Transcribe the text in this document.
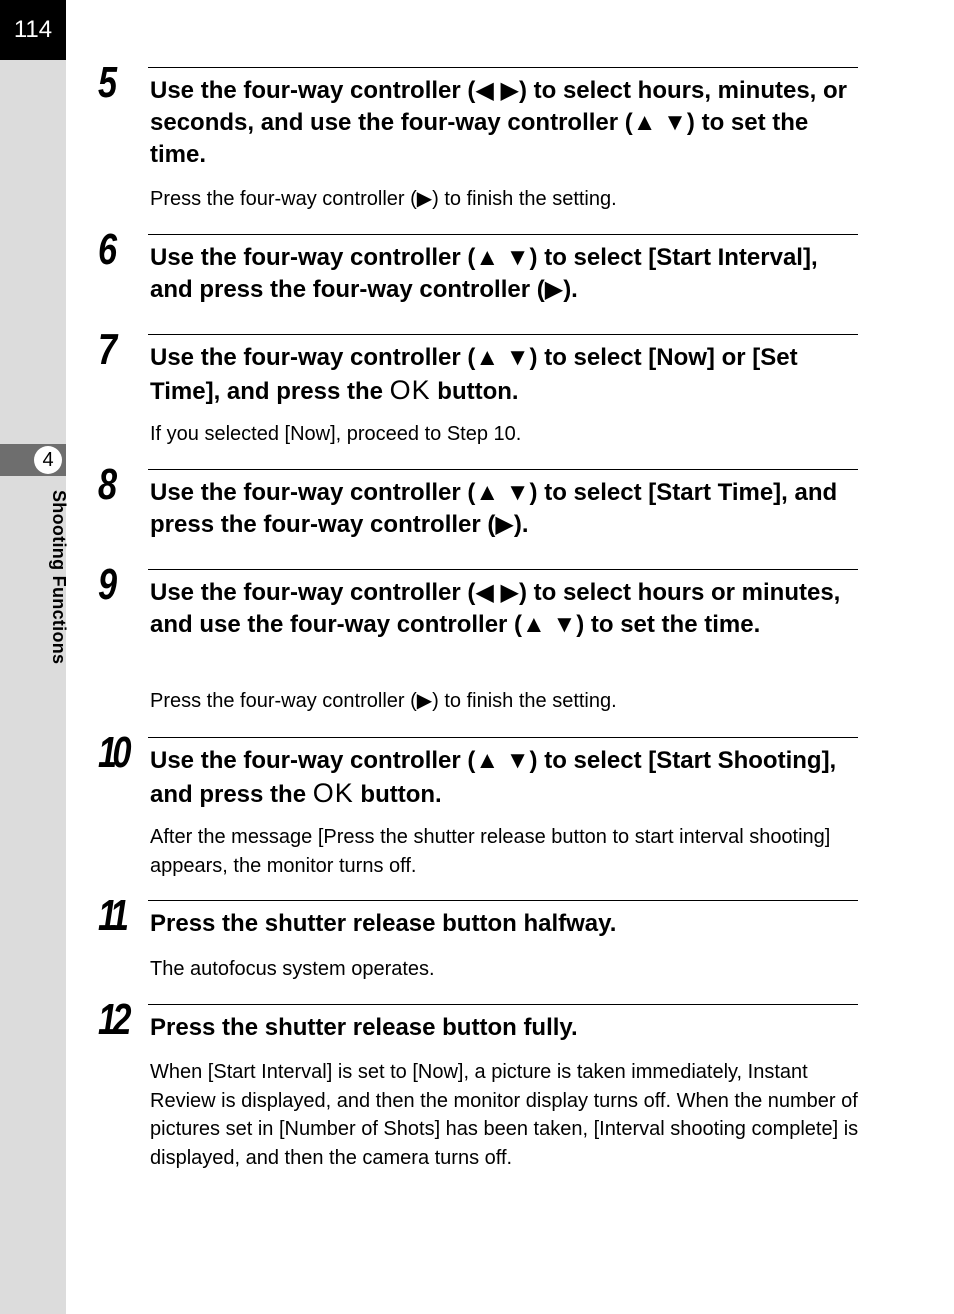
114
4
Shooting Functions
5 Use the four-way controller (◀ ▶) to select hours, minutes, or seconds, and use the four-way controller (▲ ▼) to set the time.

Press the four-way controller (▶) to finish the setting.

6 Use the four-way controller (▲ ▼) to select [Start Interval], and press the four-way controller (▶).

7 Use the four-way controller (▲ ▼) to select [Now] or [Set Time], and press the OK button.

If you selected [Now], proceed to Step 10.

8 Use the four-way controller (▲ ▼) to select [Start Time], and press the four-way controller (▶).

9 Use the four-way controller (◀ ▶) to select hours or minutes, and use the four-way controller (▲ ▼) to set the time.

Press the four-way controller (▶) to finish the setting.

10 Use the four-way controller (▲ ▼) to select [Start Shooting], and press the OK button.

After the message [Press the shutter release button to start interval shooting] appears, the monitor turns off.

11 Press the shutter release button halfway.

The autofocus system operates.

12 Press the shutter release button fully.

When [Start Interval] is set to [Now], a picture is taken immediately, Instant Review is displayed, and then the monitor display turns off. When the number of pictures set in [Number of Shots] has been taken, [Interval shooting complete] is displayed, and then the camera turns off.
